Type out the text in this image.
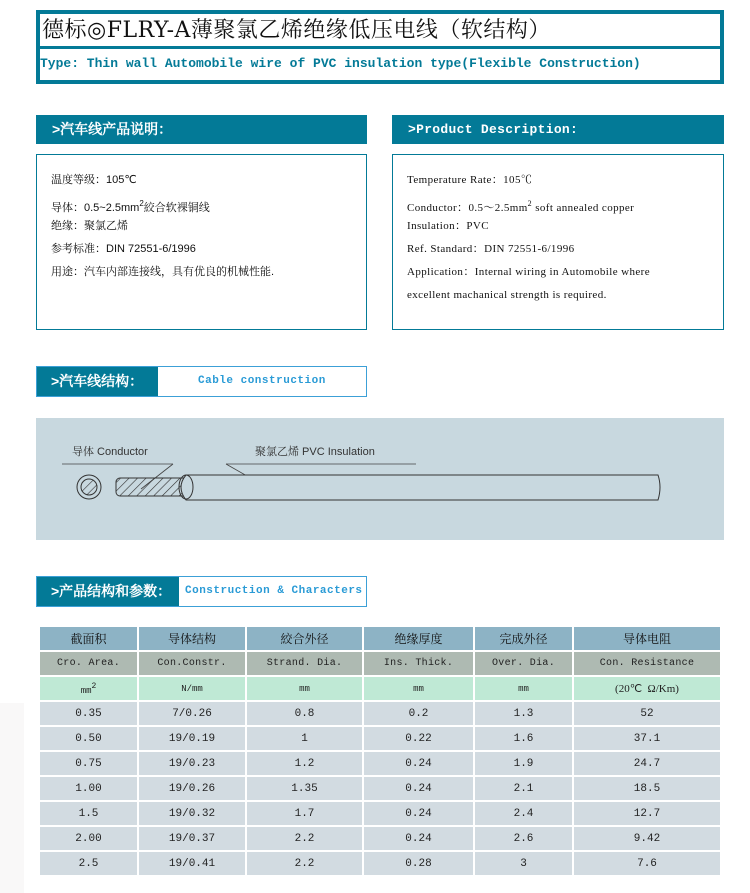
德标◎FLRY-A薄聚氯乙烯绝缘低压电线（软结构）
Type: Thin wall Automobile wire of PVC insulation type(Flexible Construction)
>汽车线产品说明：
温度等级：105℃
导体：$0.5\sim 2.5mm^2$絞合软裸铜线
绝缘：聚氯乙烯
参考标准：DIN 72551-6/1996
用途：汽车内部连接线，具有优良的机械性能.
>Product Description:
Temperature Rate：105℃
Conductor：$0.5\sim 2.5mm^2$ soft annealed copper
Insulation：PVC
Ref. Standard：DIN 72551-6/1996
Application：Internal wiring in Automobile where
excellent machanical strength is required.
>汽车线结构：	Cable construction
导体 Conductor	聚氯乙烯 PVC Insulation
>产品结构和参数：	Construction & Characters
截面积	导体结构	絞合外径	绝缘厚度	完成外径	导体电阻
Cro. Area.	Con.Constr.	Strand. Dia.	Ins. Thick.	Over. Dia.	Con. Resistance
$mm^2$	N/mm	mm	mm	mm	(20℃  Ω/Km)
0.35	7/0.26	0.8	0.2	1.3	52
0.50	19/0.19	1	0.22	1.6	37.1
0.75	19/0.23	1.2	0.24	1.9	24.7
1.00	19/0.26	1.35	0.24	2.1	18.5
1.5	19/0.32	1.7	0.24	2.4	12.7
2.00	19/0.37	2.2	0.24	2.6	9.42
2.5	19/0.41	2.2	0.28	3	7.6
